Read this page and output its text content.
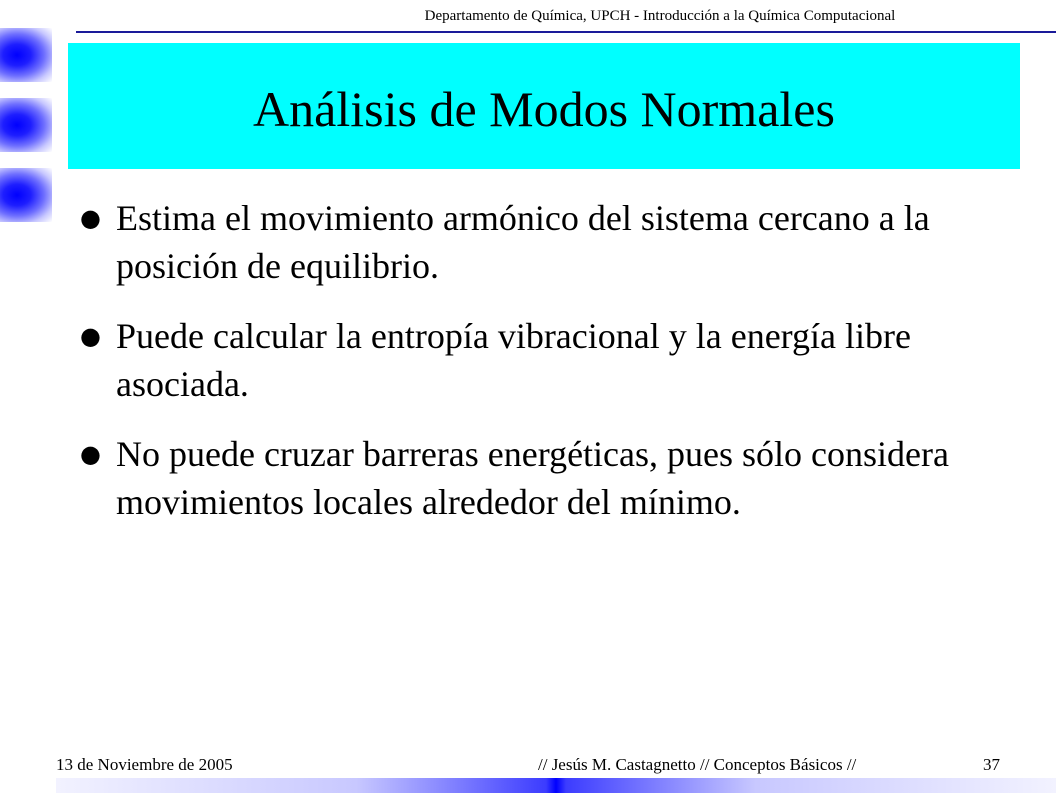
Departamento de Química, UPCH - Introducción a la Química Computacional
Análisis de Modos Normales
● Estima el movimiento armónico del sistema cercano a la posición de equilibrio.
● Puede calcular la entropía vibracional y la energía libre asociada.
● No puede cruzar barreras energéticas, pues sólo considera movimientos locales alrededor del mínimo.
13 de Noviembre de 2005	// Jesús M. Castagnetto // Conceptos Básicos //	37
